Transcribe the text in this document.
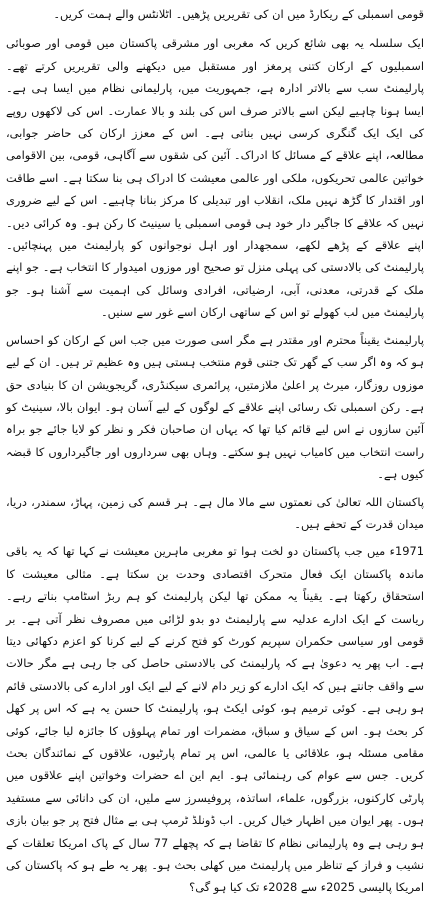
قومی اسمبلی کے ریکارڈ میں ان کی تقریریں پڑھیں۔ اٹلانٹس والے ہمت کریں۔

ایک سلسلہ یہ بھی شائع کریں کہ مغربی اور مشرقی پاکستان میں قومی اور صوبائی اسمبلیوں کے ارکان کتنی پرمغز اور مستقبل میں دیکھنے والی تقریریں کرتے تھے۔ پارلیمنٹ سب سے بالاتر ادارہ ہے، جمہوریت میں، پارلیمانی نظام میں ایسا ہی ہے۔ ایسا ہونا چاہیے لیکن اسے بالاتر صرف اس کی بلند و بالا عمارت۔ اس کی لاکھوں روپے کی ایک ایک گنگری کرسی نہیں بناتی ہے۔ اس کے معزز ارکان کی حاضر جوابی، مطالعہ، اپنے علاقے کے مسائل کا ادراک۔ آئین کی شقوں سے آگاہی، قومی، بین الاقوامی خواتین عالمی تحریکوں، ملکی اور عالمی معیشت کا ادراک ہی بنا سکتا ہے۔ اسے طاقت اور اقتدار کا گڑھ نہیں ملک، انقلاب اور تبدیلی کا مرکز بنانا چاہیے۔ اس کے لیے ضروری نہیں کہ علاقے کا جاگیر دار خود ہی قومی اسمبلی یا سینیٹ کا رکن ہو۔ وہ کرائی دیں۔ اپنے علاقے کے پڑھے لکھے، سمجھدار اور اہل نوجوانوں کو پارلیمنٹ میں پہنچائیں۔ پارلیمنٹ کی بالادستی کی پہلی منزل تو صحیح اور موزوں امیدوار کا انتخاب ہے۔ جو اپنے ملک کے قدرتی، معدنی، آبی، ارضیاتی، افرادی وسائل کی اہمیت سے آشنا ہو۔ جو پارلیمنٹ میں لب کھولے تو اس کے ساتھی ارکان اسے غور سے سنیں۔

پارلیمنٹ یقیناً محترم اور مقتدر ہے مگر اسی صورت میں جب اس کے ارکان کو احساس ہو کہ وہ اگر سب کے گھر تک جتنی قوم منتخب ہستی ہیں وہ عظیم تر ہیں۔ ان کے لیے موزوں روزگار، میرٹ پر اعلیٰ ملازمتیں، پرائمری سیکنڈری، گریجویشن ان کا بنیادی حق ہے۔ رکن اسمبلی تک رسائی اپنے علاقے کے لوگوں کے لیے آسان ہو۔ ایوان بالا، سینیٹ کو آئین سازوں نے اس لیے قائم کیا تھا کہ یہاں ان صاحبان فکر و نظر کو لایا جائے جو براہ راست انتخاب میں کامیاب نہیں ہو سکتے۔ وہاں بھی سرداروں اور جاگیرداروں کا قبضہ کیوں ہے۔

پاکستان اللہ تعالیٰ کی نعمتوں سے مالا مال ہے۔ ہر قسم کی زمین، پہاڑ، سمندر، دریا، میدان قدرت کے تحفے ہیں۔

1971ء میں جب پاکستان دو لخت ہوا تو مغربی ماہرین معیشت نے کہا تھا کہ یہ باقی ماندہ پاکستان ایک فعال متحرک اقتصادی وحدت بن سکتا ہے۔ مثالی معیشت کا استحقاق رکھتا ہے۔ یقیناً یہ ممکن تھا لیکن پارلیمنٹ کو ہم ربڑ اسٹامپ بناتے رہے۔ ریاست کے ایک ادارے عدلیہ سے پارلیمنٹ دو بدو لڑائی میں مصروف نظر آتی ہے۔ بر قومی اور سیاسی حکمران سپریم کورٹ کو فتح کرنے کے لیے کرنا کو اعزم دکھائی دیتا ہے۔ اب پھر یہ دعویٰ ہے کہ پارلیمنٹ کی بالادستی حاصل کی جا رہی ہے مگر حالات سے واقف جانتے ہیں کہ ایک ادارے کو زیر دام لانے کے لیے ایک اور ادارے کی بالادستی قائم ہو رہی ہے۔ کوئی ترمیم ہو، کوئی ایکٹ ہو، پارلیمنٹ کا حسن یہ ہے کہ اس پر کھل کر بحث ہو۔ اس کے سیاق و سباق، مضمرات اور تمام پہلوؤں کا جائزہ لیا جائے، کوئی مقامی مسئلہ ہو، علاقائی یا عالمی، اس پر تمام پارٹیوں، علاقوں کے نمائندگان بحث کریں۔ جس سے عوام کی رہنمائی ہو۔ ایم این اے حضرات وخواتین اپنے علاقوں میں پارٹی کارکنوں، بزرگوں، علماء، اساتذہ، پروفیسرز سے ملیں، ان کی دانائی سے مستفید ہوں۔ پھر ایوان میں اظہار خیال کریں۔ اب ڈونلڈ ٹرمپ ہی بے مثال فتح پر جو بیان بازی ہو رہی ہے وہ پارلیمانی نظام کا تقاضا ہے کہ پچھلے 77 سال کے پاک امریکا تعلقات کے نشیب و فراز کے تناظر میں پارلیمنٹ میں کھلی بحث ہو۔ پھر یہ طے ہو کہ پاکستان کی امریکا پالیسی 2025ء سے 2028ء تک کیا ہو گی؟
